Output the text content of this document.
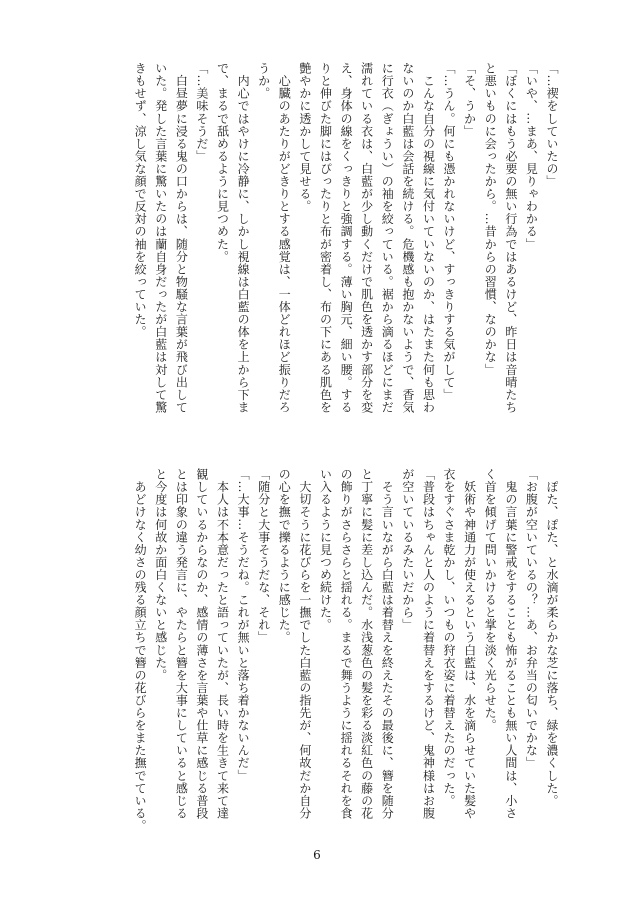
「…禊をしていたの」
「いや、…まあ、見りゃわかる」
「ぼくにはもう必要の無い行為ではあるけど、昨日は音晴たち
と悪いものに会ったから。…昔からの習慣、なのかな」
「そ、うか」
「…うん。何にも憑かれないけど、すっきりする気がして」
　こんな自分の視線に気付いていないのか、はたまた何も思わ
ないのか白藍は会話を続ける。危機感も抱かないようで、香気
に行衣（ぎょうい）の袖を絞っている。裾から滴るほどにまだ
濡れている衣は、白藍が少し動くだけで肌色を透かす部分を変
え、身体の線をくっきりと強調する。薄い胸元、細い腰。する
りと伸びた脚にはぴったりと布が密着し、布の下にある肌色を
艶やかに透かして見せる。
　心臓のあたりがどきりとする感覚は、一体どれほど振りだろ
うか。
　内心ではやけに冷静に、しかし視線は白藍の体を上から下ま
で、まるで舐めるように見つめた。
「…美味そうだ」
　白昼夢に浸る鬼の口からは、随分と物騒な言葉が飛び出して
いた。発した言葉に驚いたのは蘭自身だったが白藍は対して驚
きもせず、涼し気な顔で反対の袖を絞っていた。
　ぽた、ぽた、と水滴が柔らかな芝に落ち、緑を濃くした。
「お腹が空いているの？…あ、お弁当の匂いでかな」
　鬼の言葉に警戒をすることも怖がることも無い人間は、小さ
く首を傾げて問いかけると掌を淡く光らせた。
　妖術や神通力が使えるという白藍は、水を滴らせていた髪や
衣をすぐさま乾かし、いつもの狩衣姿に着替えたのだった。
「普段はちゃんと人のように着替えをするけど、鬼神様はお腹
が空いているみたいだから」
　そう言いながら白藍は着替えを終えたその最後に、簪を随分
と丁寧に髪に差し込んだ。水浅葱色の髪を彩る淡紅色の藤の花
の飾りがさらさらと揺れる。まるで舞うように揺れるそれを食
い入るように見つめ続けた。
　大切そうに花びらを一撫でした白藍の指先が、何故だか自分
の心を撫で擽るように感じた。
「随分と大事そうだな、それ」
「…大事…そうだね。これが無いと落ち着かないんだ」
　本人は不本意だったと語っていたが、長い時を生きて来て達
観しているからなのか、感情の薄さを言葉や仕草に感じる普段
とは印象の違う発言に、やたらと簪を大事にしていると感じる
と今度は何故か面白くないと感じた。
　あどけなく幼さの残る顔立ちで簪の花びらをまた撫でている。
6
